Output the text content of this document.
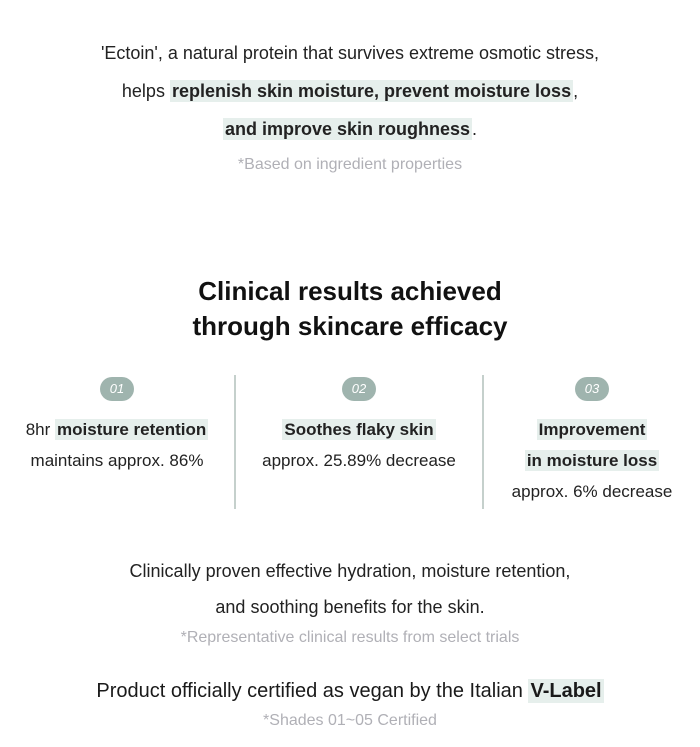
'Ectoin', a natural protein that survives extreme osmotic stress,

helps replenish skin moisture, prevent moisture loss ,

and improve skin roughness .

*Based on ingredient properties

Clinical results achieved
through skincare efficacy
01

8hr moisture retention

maintains approx. 86%

02

Soothes flaky skin

approx. 25.89% decrease

03

Improvement

in moisture loss

approx. 6% decrease

Clinically proven effective hydration, moisture retention,

and soothing benefits for the skin.

*Representative clinical results from select trials

Product officially certified as vegan by the Italian V-Label

*Shades 01~05 Certified
